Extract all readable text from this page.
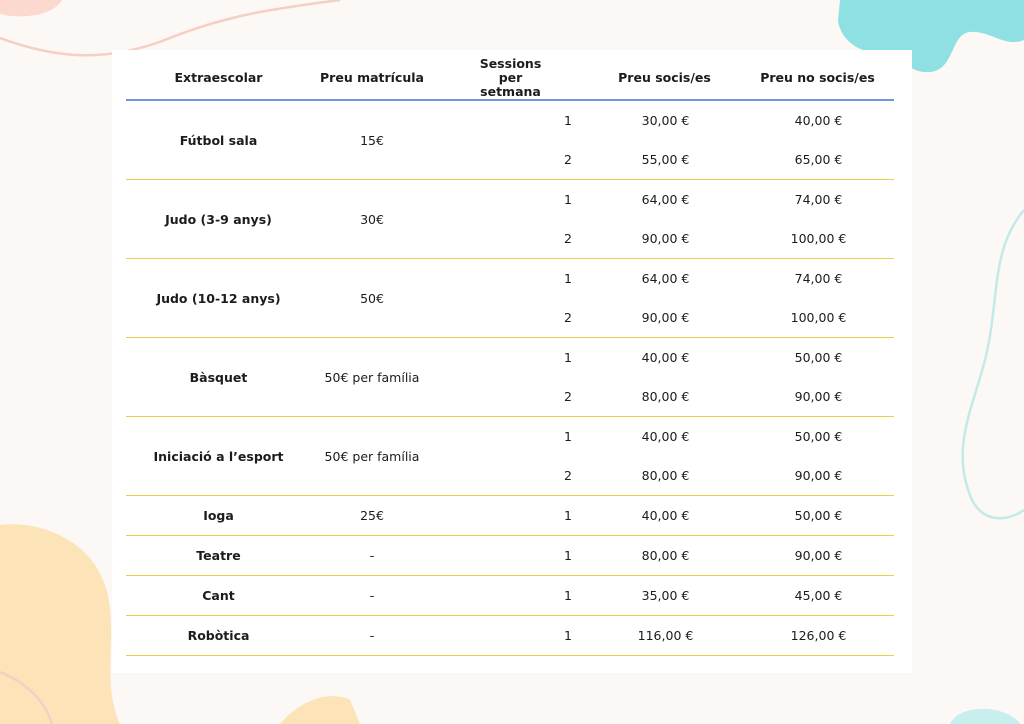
Extraescolar	Preu matrícula	Sessions per setmana	Preu socis/es	Preu no socis/es
Fútbol sala	15€	1	30,00 €	40,00 €
		2	55,00 €	65,00 €
Judo (3-9 anys)	30€	1	64,00 €	74,00 €
		2	90,00 €	100,00 €
Judo (10-12 anys)	50€	1	64,00 €	74,00 €
		2	90,00 €	100,00 €
Bàsquet	50€ per família	1	40,00 €	50,00 €
		2	80,00 €	90,00 €
Iniciació a l’esport	50€ per família	1	40,00 €	50,00 €
		2	80,00 €	90,00 €
Ioga	25€	1	40,00 €	50,00 €
Teatre	-	1	80,00 €	90,00 €
Cant	-	1	35,00 €	45,00 €
Robòtica	-	1	116,00 €	126,00 €
